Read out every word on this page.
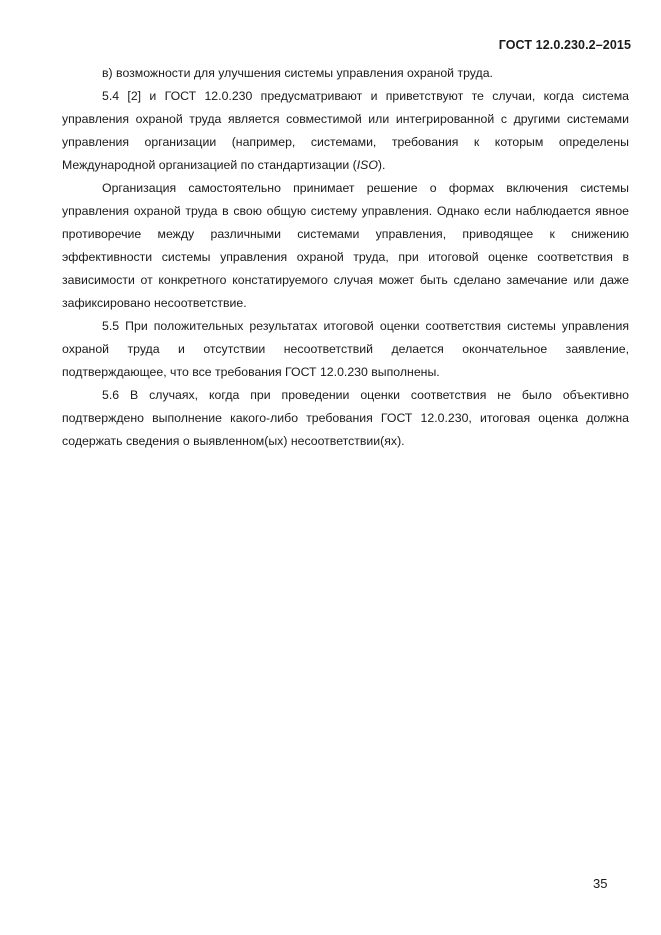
ГОСТ 12.0.230.2–2015

в) возможности для улучшения системы управления охраной труда.

5.4 [2] и ГОСТ 12.0.230 предусматривают и приветствуют те случаи, когда система управления охраной труда является совместимой или интегрированной с другими системами управления организации (например, системами, требования к которым определены Международной организацией по стандартизации (ISO).

Организация самостоятельно принимает решение о формах включения системы управления охраной труда в свою общую систему управления. Однако если наблюдается явное противоречие между различными системами управления, приводящее к снижению эффективности системы управления охраной труда, при итоговой оценке соответствия в зависимости от конкретного констатируемого случая может быть сделано замечание или даже зафиксировано несоответствие.

5.5 При положительных результатах итоговой оценки соответствия системы управления охраной труда и отсутствии несоответствий делается окончательное заявление, подтверждающее, что все требования ГОСТ 12.0.230 выполнены.

5.6 В случаях, когда при проведении оценки соответствия не было объективно подтверждено выполнение какого-либо требования ГОСТ 12.0.230, итоговая оценка должна содержать сведения о выявленном(ых) несоответствии(ях).

35
